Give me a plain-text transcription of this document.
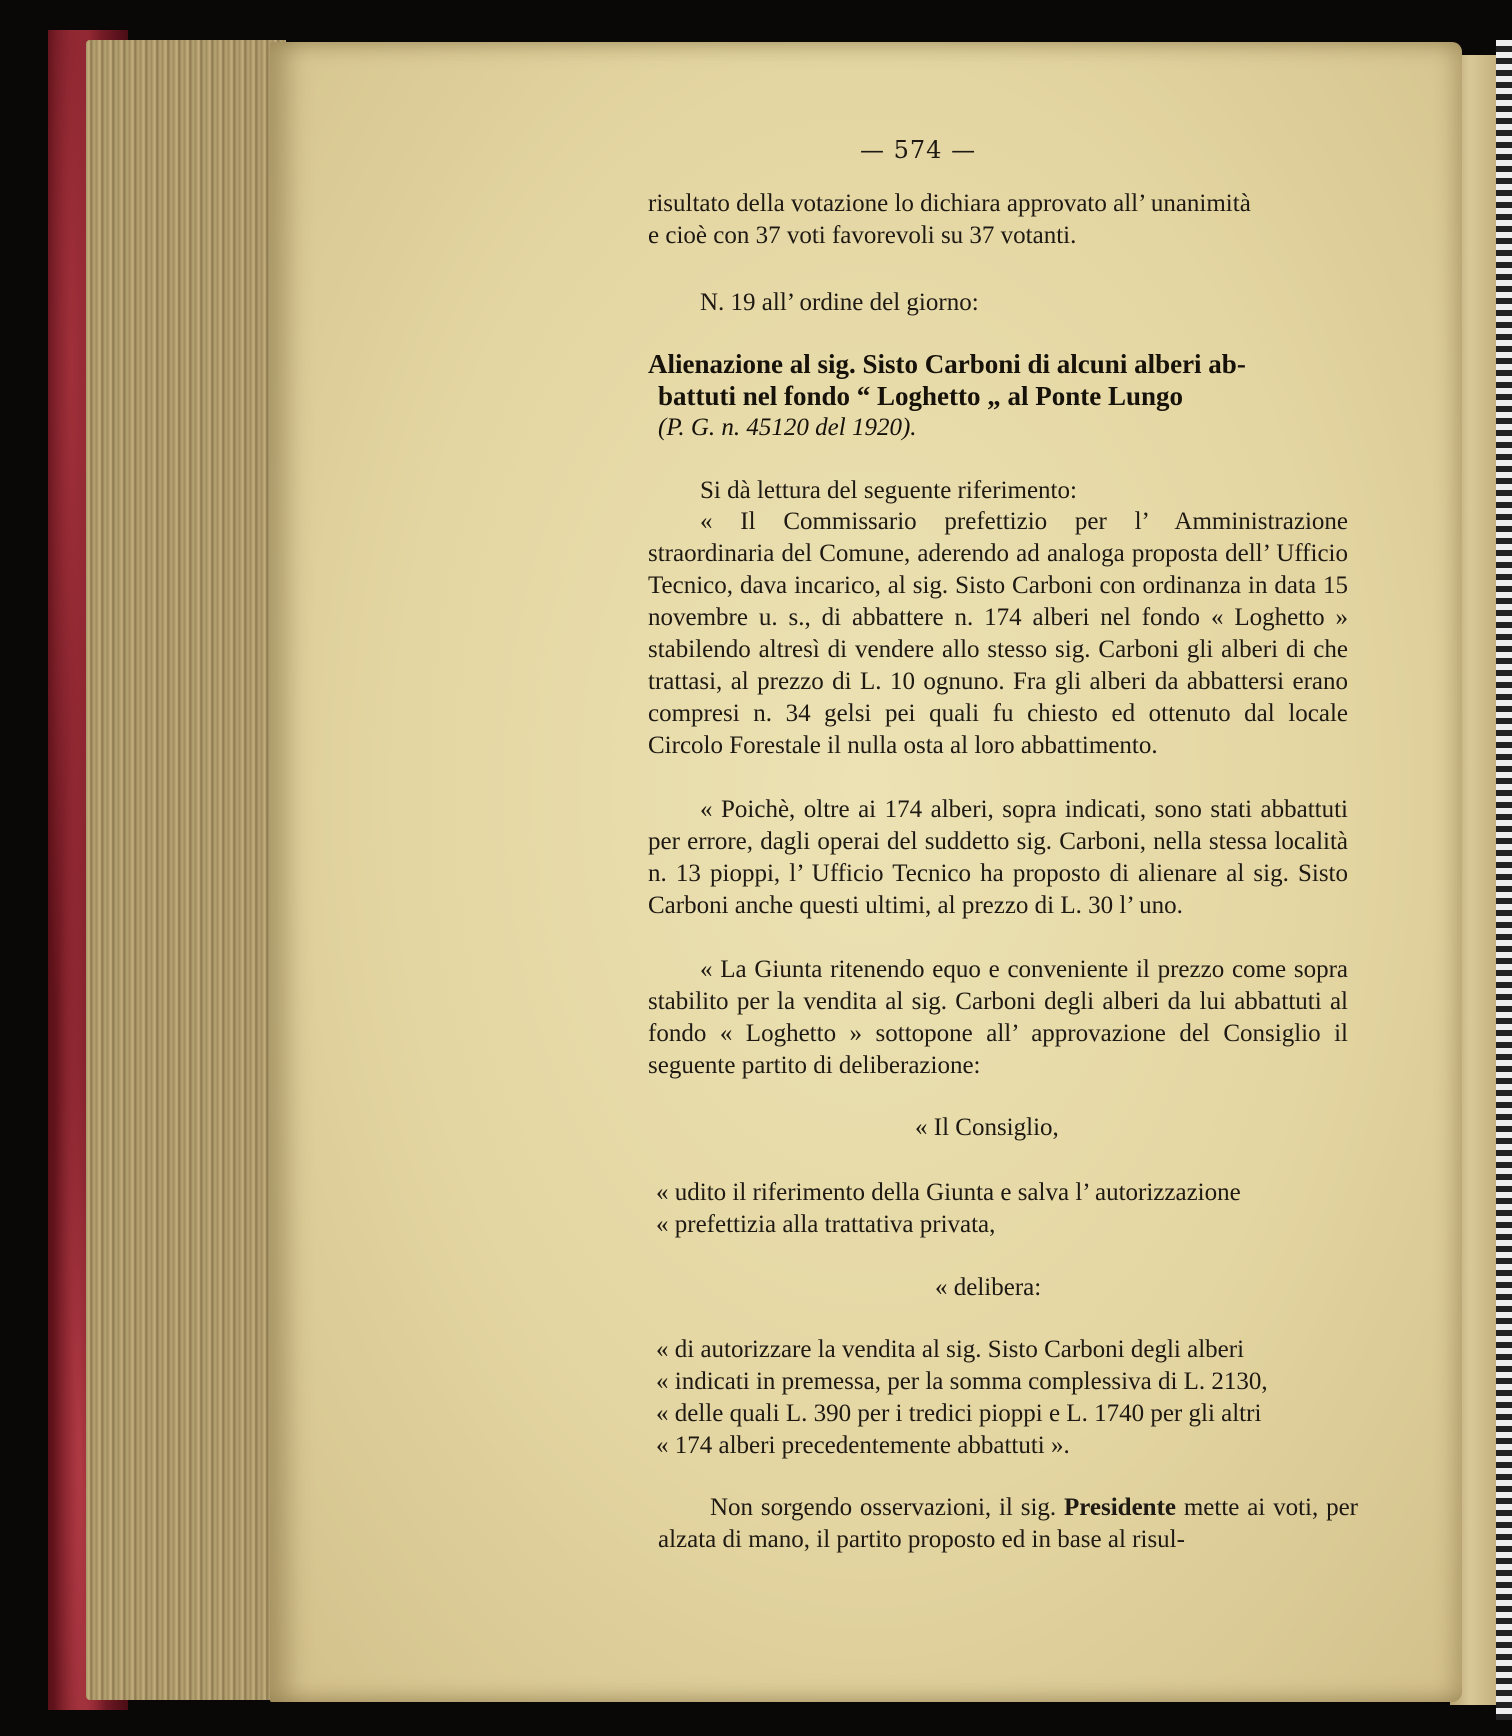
— 574 —
risultato della votazione lo dichiara approvato all’ unanimità
e cioè con 37 voti favorevoli su 37 votanti.
N. 19 all’ ordine del giorno:
Alienazione al sig. Sisto Carboni di alcuni alberi ab-
battuti nel fondo “ Loghetto „ al Ponte Lungo
(P. G. n. 45120 del 1920).
Si dà lettura del seguente riferimento:
« Il Commissario prefettizio per l’ Amministrazione straordinaria del Comune, aderendo ad analoga proposta dell’ Ufficio Tecnico, dava incarico, al sig. Sisto Carboni con ordinanza in data 15 novembre u. s., di abbattere n. 174 alberi nel fondo « Loghetto » stabilendo altresì di vendere allo stesso sig. Carboni gli alberi di che trattasi, al prezzo di L. 10 ognuno. Fra gli alberi da abbattersi erano compresi n. 34 gelsi pei quali fu chiesto ed ottenuto dal locale Circolo Forestale il nulla osta al loro abbattimento.
« Poichè, oltre ai 174 alberi, sopra indicati, sono stati abbattuti per errore, dagli operai del suddetto sig. Carboni, nella stessa località n. 13 pioppi, l’ Ufficio Tecnico ha proposto di alienare al sig. Sisto Carboni anche questi ultimi, al prezzo di L. 30 l’ uno.
« La Giunta ritenendo equo e conveniente il prezzo come sopra stabilito per la vendita al sig. Carboni degli alberi da lui abbattuti al fondo « Loghetto » sottopone all’ approvazione del Consiglio il seguente partito di deliberazione:
« Il Consiglio,
« udito il riferimento della Giunta e salva l’ autorizzazione
« prefettizia alla trattativa privata,
« delibera:
« di autorizzare la vendita al sig. Sisto Carboni degli alberi
« indicati in premessa, per la somma complessiva di L. 2130,
« delle quali L. 390 per i tredici pioppi e L. 1740 per gli altri
« 174 alberi precedentemente abbattuti ».
Non sorgendo osservazioni, il sig. Presidente mette ai voti, per alzata di mano, il partito proposto ed in base al risul-
